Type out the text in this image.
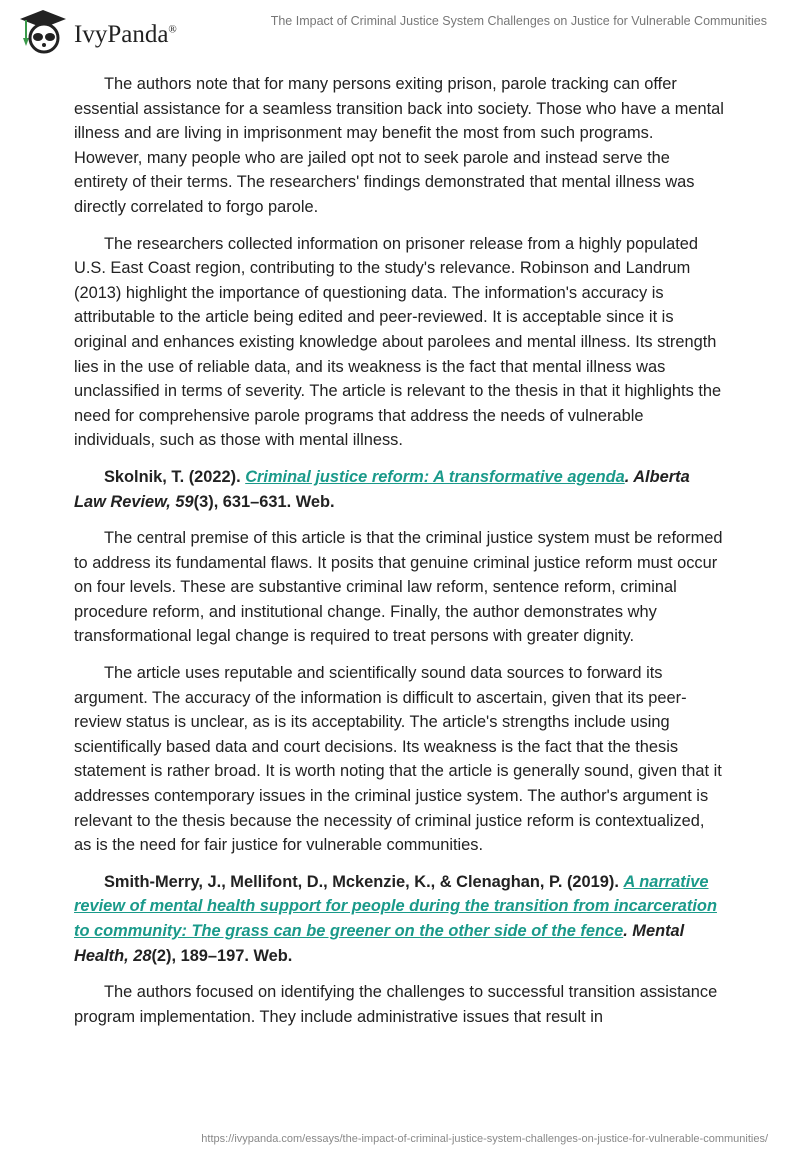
IvyPanda®
The Impact of Criminal Justice System Challenges on Justice for Vulnerable Communities
The authors note that for many persons exiting prison, parole tracking can offer essential assistance for a seamless transition back into society. Those who have a mental illness and are living in imprisonment may benefit the most from such programs. However, many people who are jailed opt not to seek parole and instead serve the entirety of their terms. The researchers' findings demonstrated that mental illness was directly correlated to forgo parole.
The researchers collected information on prisoner release from a highly populated U.S. East Coast region, contributing to the study's relevance. Robinson and Landrum (2013) highlight the importance of questioning data. The information's accuracy is attributable to the article being edited and peer-reviewed. It is acceptable since it is original and enhances existing knowledge about parolees and mental illness. Its strength lies in the use of reliable data, and its weakness is the fact that mental illness was unclassified in terms of severity. The article is relevant to the thesis in that it highlights the need for comprehensive parole programs that address the needs of vulnerable individuals, such as those with mental illness.
Skolnik, T. (2022). Criminal justice reform: A transformative agenda. Alberta Law Review, 59(3), 631–631. Web.
The central premise of this article is that the criminal justice system must be reformed to address its fundamental flaws. It posits that genuine criminal justice reform must occur on four levels. These are substantive criminal law reform, sentence reform, criminal procedure reform, and institutional change. Finally, the author demonstrates why transformational legal change is required to treat persons with greater dignity.
The article uses reputable and scientifically sound data sources to forward its argument. The accuracy of the information is difficult to ascertain, given that its peer-review status is unclear, as is its acceptability. The article's strengths include using scientifically based data and court decisions. Its weakness is the fact that the thesis statement is rather broad. It is worth noting that the article is generally sound, given that it addresses contemporary issues in the criminal justice system. The author's argument is relevant to the thesis because the necessity of criminal justice reform is contextualized, as is the need for fair justice for vulnerable communities.
Smith-Merry, J., Mellifont, D., Mckenzie, K., & Clenaghan, P. (2019). A narrative review of mental health support for people during the transition from incarceration to community: The grass can be greener on the other side of the fence. Mental Health, 28(2), 189–197. Web.
The authors focused on identifying the challenges to successful transition assistance program implementation. They include administrative issues that result in
https://ivypanda.com/essays/the-impact-of-criminal-justice-system-challenges-on-justice-for-vulnerable-communities/
